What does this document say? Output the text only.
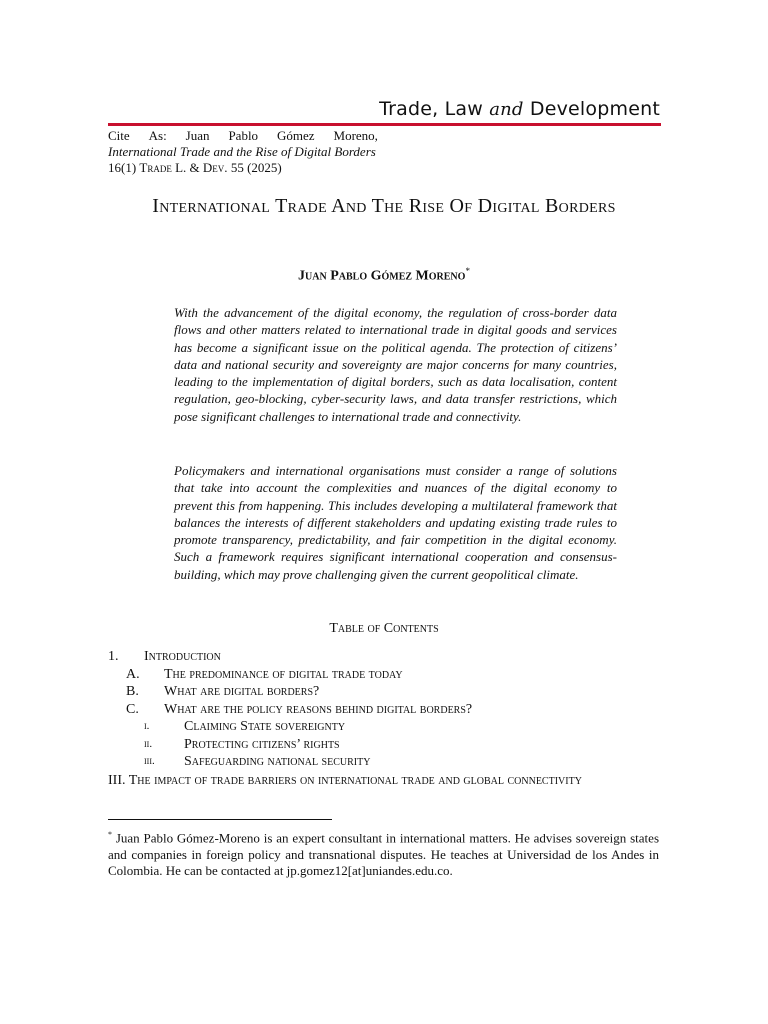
Trade, Law and Development
Cite As: Juan Pablo Gómez Moreno,
International Trade and the Rise of Digital Borders
16(1) Trade L. & Dev. 55 (2025)
International Trade And The Rise Of Digital Borders
Juan Pablo Gómez Moreno*
With the advancement of the digital economy, the regulation of cross-border data flows and other matters related to international trade in digital goods and services has become a significant issue on the political agenda. The protection of citizens’ data and national security and sovereignty are major concerns for many countries, leading to the implementation of digital borders, such as data localisation, content regulation, geo-blocking, cyber-security laws, and data transfer restrictions, which pose significant challenges to international trade and connectivity.
Policymakers and international organisations must consider a range of solutions that take into account the complexities and nuances of the digital economy to prevent this from happening. This includes developing a multilateral framework that balances the interests of different stakeholders and updating existing trade rules to promote transparency, predictability, and fair competition in the digital economy. Such a framework requires significant international cooperation and consensus-building, which may prove challenging given the current geopolitical climate.
Table of Contents
1. Introduction
A. The predominance of digital trade today
B. What are digital borders?
C. What are the policy reasons behind digital borders?
i. Claiming State sovereignty
ii. Protecting citizens’ rights
iii. Safeguarding national security
III. The impact of trade barriers on international trade and global connectivity
* Juan Pablo Gómez-Moreno is an expert consultant in international matters. He advises sovereign states and companies in foreign policy and transnational disputes. He teaches at Universidad de los Andes in Colombia. He can be contacted at jp.gomez12[at]uniandes.edu.co.
